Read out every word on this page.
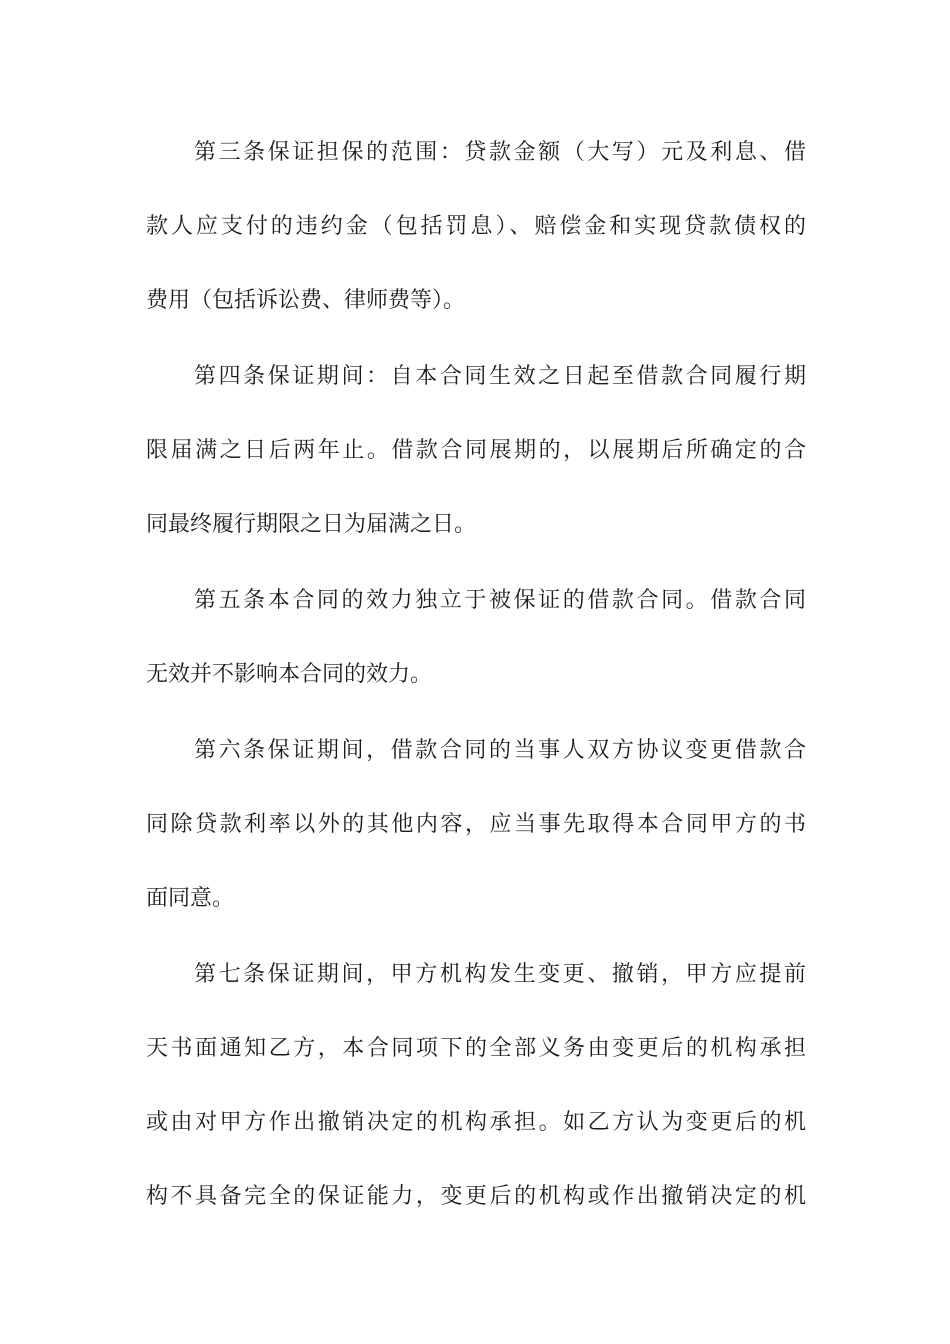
第三条保证担保的范围：贷款金额（大写）元及利息、借
款人应支付的违约金（包括罚息）、赔偿金和实现贷款债权的
费用（包括诉讼费、律师费等）。
第四条保证期间：自本合同生效之日起至借款合同履行期
限届满之日后两年止。借款合同展期的，以展期后所确定的合
同最终履行期限之日为届满之日。
第五条本合同的效力独立于被保证的借款合同。借款合同
无效并不影响本合同的效力。
第六条保证期间，借款合同的当事人双方协议变更借款合
同除贷款利率以外的其他内容，应当事先取得本合同甲方的书
面同意。
第七条保证期间，甲方机构发生变更、撤销，甲方应提前
天书面通知乙方，本合同项下的全部义务由变更后的机构承担
或由对甲方作出撤销决定的机构承担。如乙方认为变更后的机
构不具备完全的保证能力，变更后的机构或作出撤销决定的机
